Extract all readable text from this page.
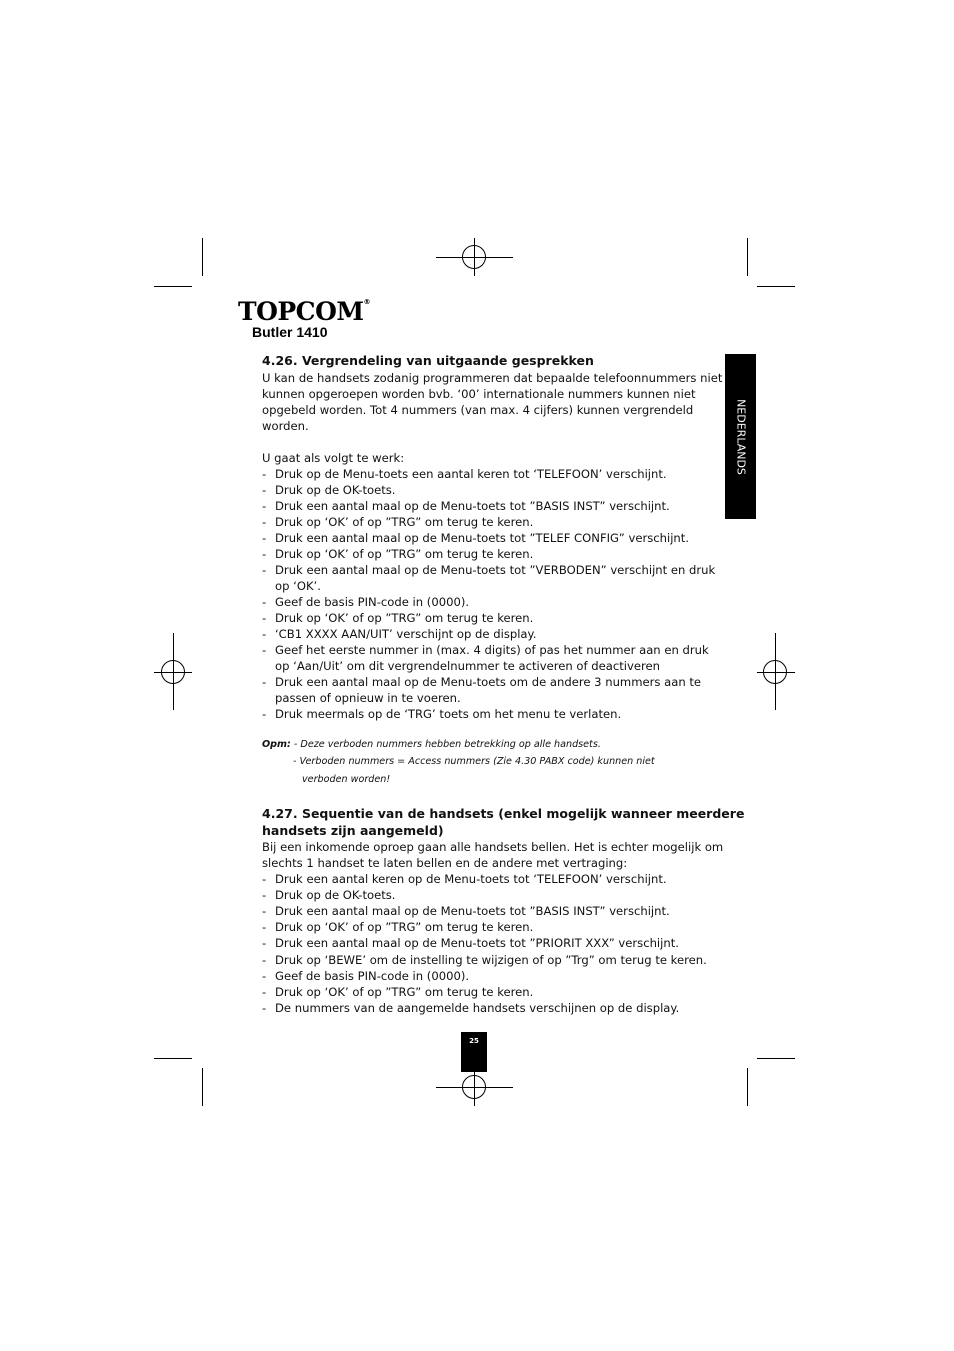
TOPCOM®
Butler 1410
NEDERLANDS
4.26. Vergrendeling van uitgaande gesprekken
U kan de handsets zodanig programmeren dat bepaalde telefoonnummers niet
kunnen opgeroepen worden bvb. ‘00’ internationale nummers kunnen niet
opgebeld worden. Tot 4 nummers (van max. 4 cijfers) kunnen vergrendeld
worden.
U gaat als volgt te werk:
- Druk op de Menu-toets een aantal keren tot ‘TELEFOON’ verschijnt.
- Druk op de OK-toets.
- Druk een aantal maal op de Menu-toets tot ”BASIS INST” verschijnt.
- Druk op ‘OK’ of op ”TRG” om terug te keren.
- Druk een aantal maal op de Menu-toets tot ”TELEF CONFIG” verschijnt.
- Druk op ‘OK’ of op ”TRG” om terug te keren.
- Druk een aantal maal op de Menu-toets tot ”VERBODEN” verschijnt en druk
op ‘OK’.
- Geef de basis PIN-code in (0000).
- Druk op ‘OK’ of op ”TRG” om terug te keren.
- ‘CB1 XXXX AAN/UIT’ verschijnt op de display.
- Geef het eerste nummer in (max. 4 digits) of pas het nummer aan en druk
op ‘Aan/Uit’ om dit vergrendelnummer te activeren of deactiveren
- Druk een aantal maal op de Menu-toets om de andere 3 nummers aan te
passen of opnieuw in te voeren.
- Druk meermals op de ‘TRG’ toets om het menu te verlaten.
Opm: - Deze verboden nummers hebben betrekking op alle handsets.
- Verboden nummers = Access nummers (Zie 4.30 PABX code) kunnen niet
verboden worden!
4.27. Sequentie van de handsets (enkel mogelijk wanneer meerdere
handsets zijn aangemeld)
Bij een inkomende oproep gaan alle handsets bellen. Het is echter mogelijk om
slechts 1 handset te laten bellen en de andere met vertraging:
- Druk een aantal keren op de Menu-toets tot ‘TELEFOON’ verschijnt.
- Druk op de OK-toets.
- Druk een aantal maal op de Menu-toets tot ”BASIS INST” verschijnt.
- Druk op ‘OK’ of op ”TRG” om terug te keren.
- Druk een aantal maal op de Menu-toets tot ”PRIORIT XXX” verschijnt.
- Druk op ‘BEWE’ om de instelling te wijzigen of op ”Trg” om terug te keren.
- Geef de basis PIN-code in (0000).
- Druk op ‘OK’ of op ”TRG” om terug te keren.
- De nummers van de aangemelde handsets verschijnen op de display.
25
